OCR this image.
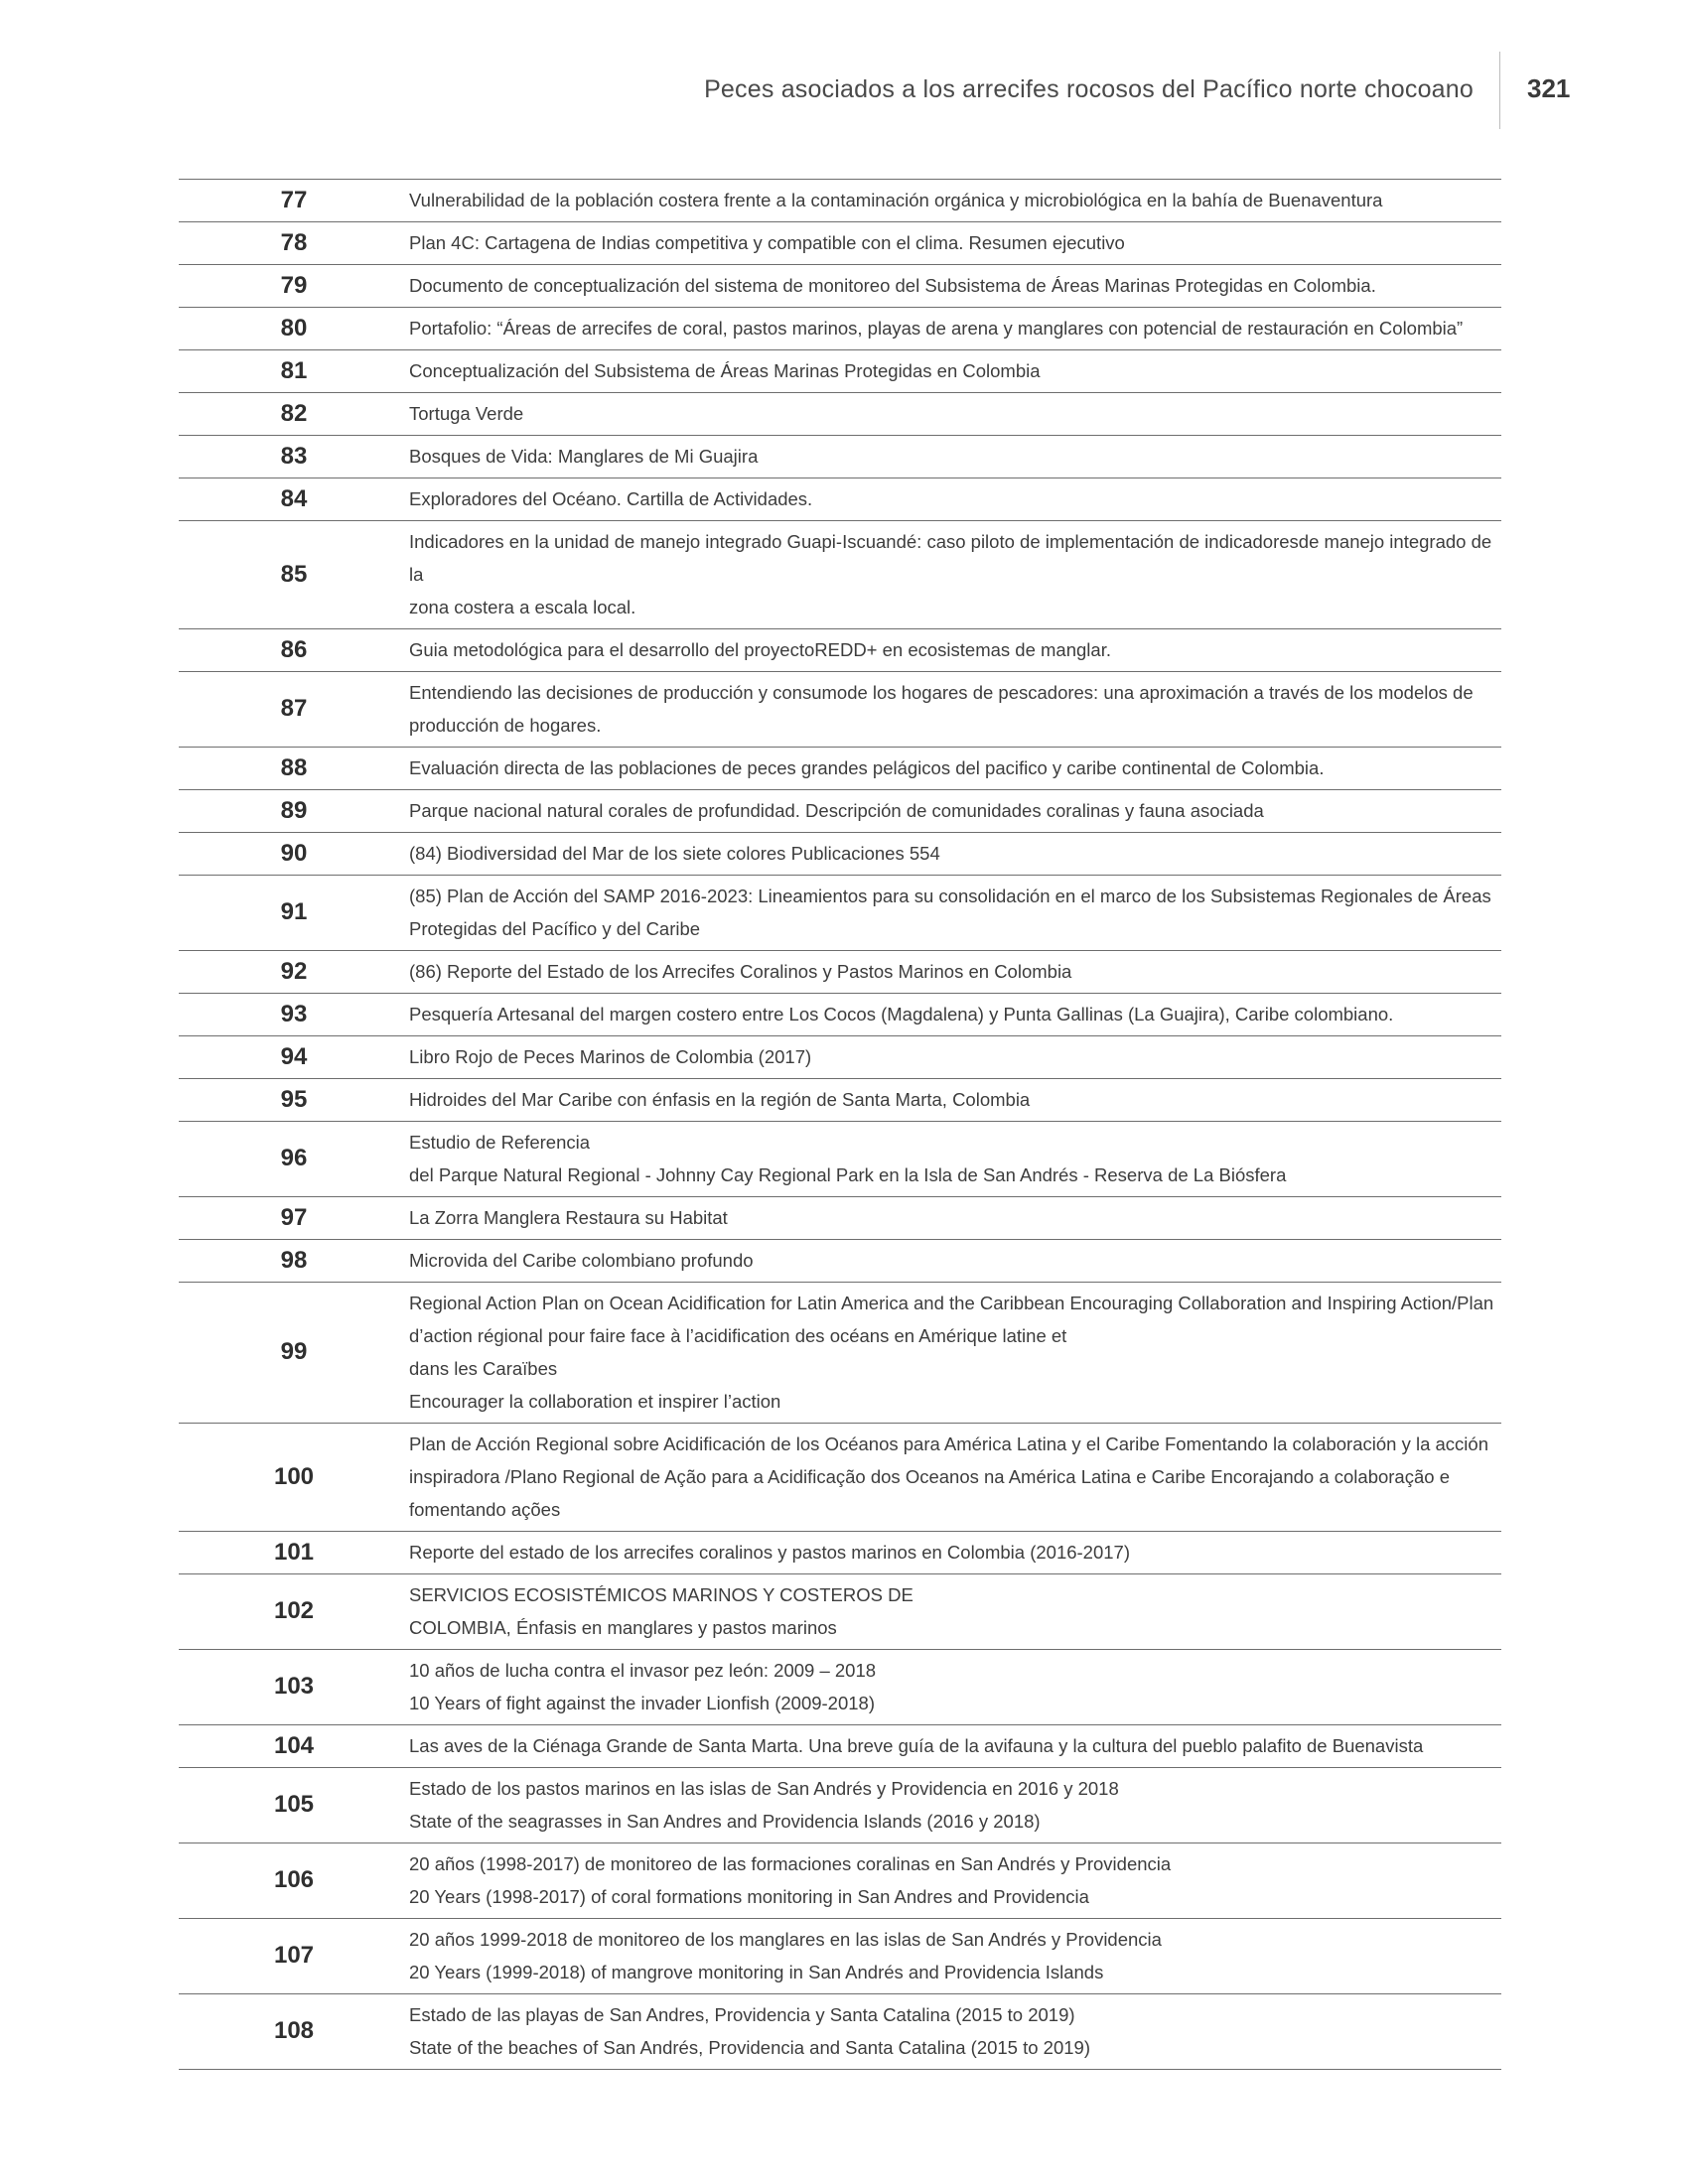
Peces asociados a los arrecifes rocosos del Pacífico norte chocoano 321
77	Vulnerabilidad de la población costera frente a la contaminación orgánica y microbiológica en la bahía de Buenaventura

78	Plan 4C: Cartagena de Indias competitiva y compatible con el clima. Resumen ejecutivo

79	Documento de conceptualización del sistema de monitoreo del Subsistema de Áreas Marinas Protegidas en Colombia.

80	Portafolio: “Áreas de arrecifes de coral, pastos marinos, playas de arena y manglares con potencial de restauración en Colombia”

81	Conceptualización del Subsistema de Áreas Marinas Protegidas en Colombia

82	Tortuga Verde

83	Bosques de Vida: Manglares de Mi Guajira

84	Exploradores del Océano. Cartilla de Actividades.

85	Indicadores en la unidad de manejo integrado Guapi-Iscuandé: caso piloto de implementación de indicadoresde manejo integrado de la
zona costera a escala local.

86	Guia metodológica para el desarrollo del proyectoREDD+ en ecosistemas de manglar.

87	Entendiendo las decisiones de producción y consumode los hogares de pescadores: una aproximación a través de los modelos de
producción de hogares.

88	Evaluación directa de las poblaciones de peces grandes pelágicos del pacifico y caribe continental de Colombia.

89	Parque nacional natural corales de profundidad. Descripción de comunidades coralinas y fauna asociada

90	(84) Biodiversidad del Mar de los siete colores Publicaciones 554

91	(85) Plan de Acción del SAMP 2016-2023: Lineamientos para su consolidación en el marco de los Subsistemas Regionales de Áreas
Protegidas del Pacífico y del Caribe

92	(86) Reporte del Estado de los Arrecifes Coralinos y Pastos Marinos en Colombia

93	Pesquería Artesanal del margen costero entre Los Cocos (Magdalena) y Punta Gallinas (La Guajira), Caribe colombiano.

94	Libro Rojo de Peces Marinos de Colombia (2017)

95	Hidroides del Mar Caribe con énfasis en la región de Santa Marta, Colombia

96	Estudio de Referencia
del Parque Natural Regional - Johnny Cay Regional Park en la Isla de San Andrés - Reserva de La Biósfera

97	La Zorra Manglera Restaura su Habitat

98	Microvida del Caribe colombiano profundo

99	Regional Action Plan on Ocean Acidification for Latin America and the Caribbean Encouraging Collaboration and Inspiring Action/Plan
d’action régional pour faire face à l’acidification des océans en Amérique latine et
dans les Caraïbes
Encourager la collaboration et inspirer l’action

100	Plan de Acción Regional sobre Acidificación de los Océanos para América Latina y el Caribe Fomentando la colaboración y la acción
inspiradora /Plano Regional de Ação para a Acidificação dos Oceanos na América Latina e Caribe Encorajando a colaboração e
fomentando ações

101	Reporte del estado de los arrecifes coralinos y pastos marinos en Colombia (2016-2017)

102	SERVICIOS ECOSISTÉMICOS MARINOS Y COSTEROS DE
COLOMBIA, Énfasis en manglares y pastos marinos

103	10 años de lucha contra el invasor pez león: 2009 – 2018
10 Years of fight against the invader Lionfish (2009-2018)

104	Las aves de la Ciénaga Grande de Santa Marta. Una breve guía de la avifauna y la cultura del pueblo palafito de Buenavista

105	Estado de los pastos marinos en las islas de San Andrés y Providencia en 2016 y 2018
State of the seagrasses in San Andres and Providencia Islands (2016 y 2018)

106	20 años (1998-2017) de monitoreo de las formaciones coralinas en San Andrés y Providencia
20 Years (1998-2017) of coral formations monitoring in San Andres and Providencia

107	20 años 1999-2018 de monitoreo de los manglares en las islas de San Andrés y Providencia
20 Years (1999-2018) of mangrove monitoring in San Andrés and Providencia Islands

108	Estado de las playas de San Andres, Providencia y Santa Catalina (2015 to 2019)
State of the beaches of San Andrés, Providencia and Santa Catalina (2015 to 2019)
